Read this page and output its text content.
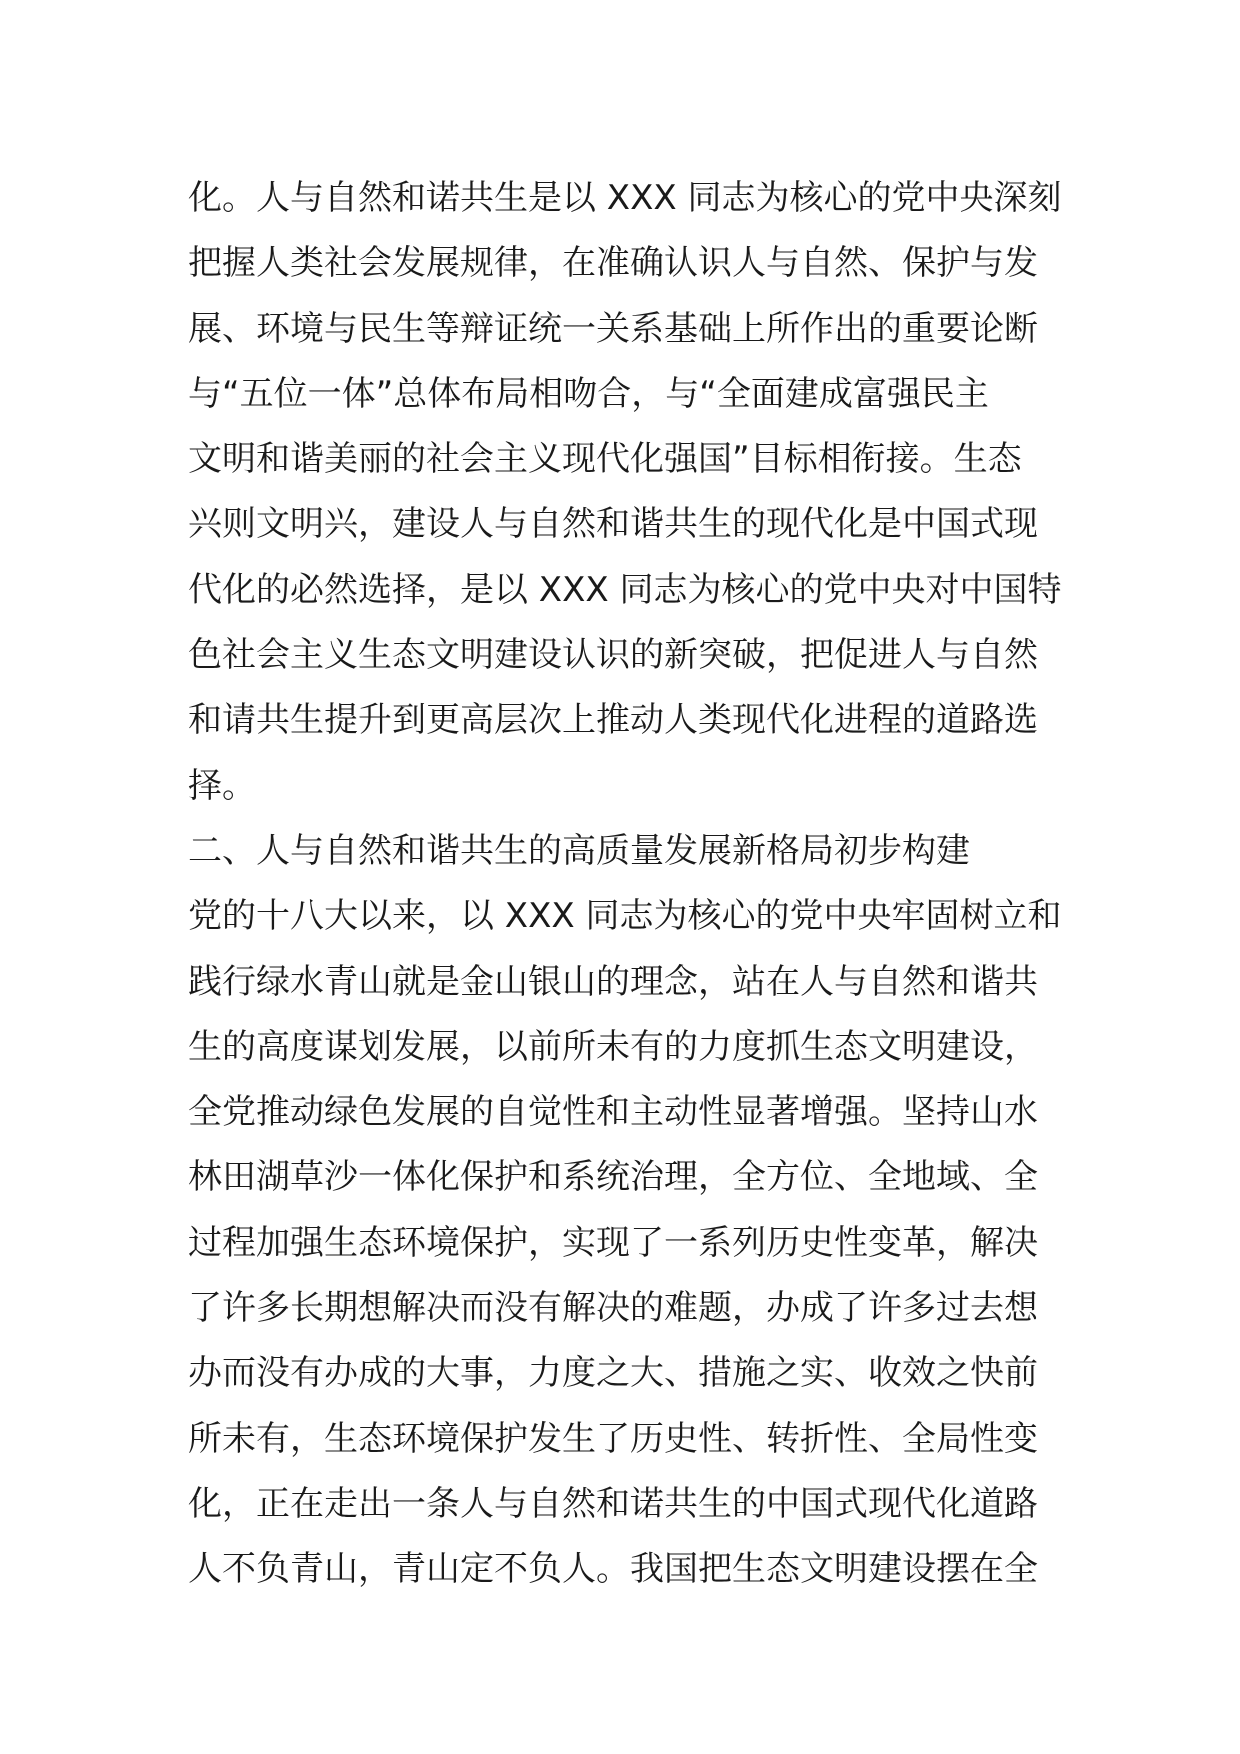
化。人与自然和诺共生是以 XXX 同志为核心的党中央深刻
把握人类社会发展规律，在准确认识人与自然、保护与发
展、环境与民生等辩证统一关系基础上所作出的重要论断
与“五位一体”总体布局相吻合，与“全面建成富强民主
文明和谐美丽的社会主义现代化强国”目标相衔接。生态
兴则文明兴，建设人与自然和谐共生的现代化是中国式现
代化的必然选择，是以 XXX 同志为核心的党中央对中国特
色社会主义生态文明建设认识的新突破，把促进人与自然
和请共生提升到更高层次上推动人类现代化进程的道路选
择。
二、人与自然和谐共生的高质量发展新格局初步构建
党的十八大以来，以 XXX 同志为核心的党中央牢固树立和
践行绿水青山就是金山银山的理念，站在人与自然和谐共
生的高度谋划发展，以前所未有的力度抓生态文明建设，
全党推动绿色发展的自觉性和主动性显著增强。坚持山水
林田湖草沙一体化保护和系统治理，全方位、全地域、全
过程加强生态环境保护，实现了一系列历史性变革，解决
了许多长期想解决而没有解决的难题，办成了许多过去想
办而没有办成的大事，力度之大、措施之实、收效之快前
所未有，生态环境保护发生了历史性、转折性、全局性变
化，正在走出一条人与自然和诺共生的中国式现代化道路
人不负青山，青山定不负人。我国把生态文明建设摆在全
